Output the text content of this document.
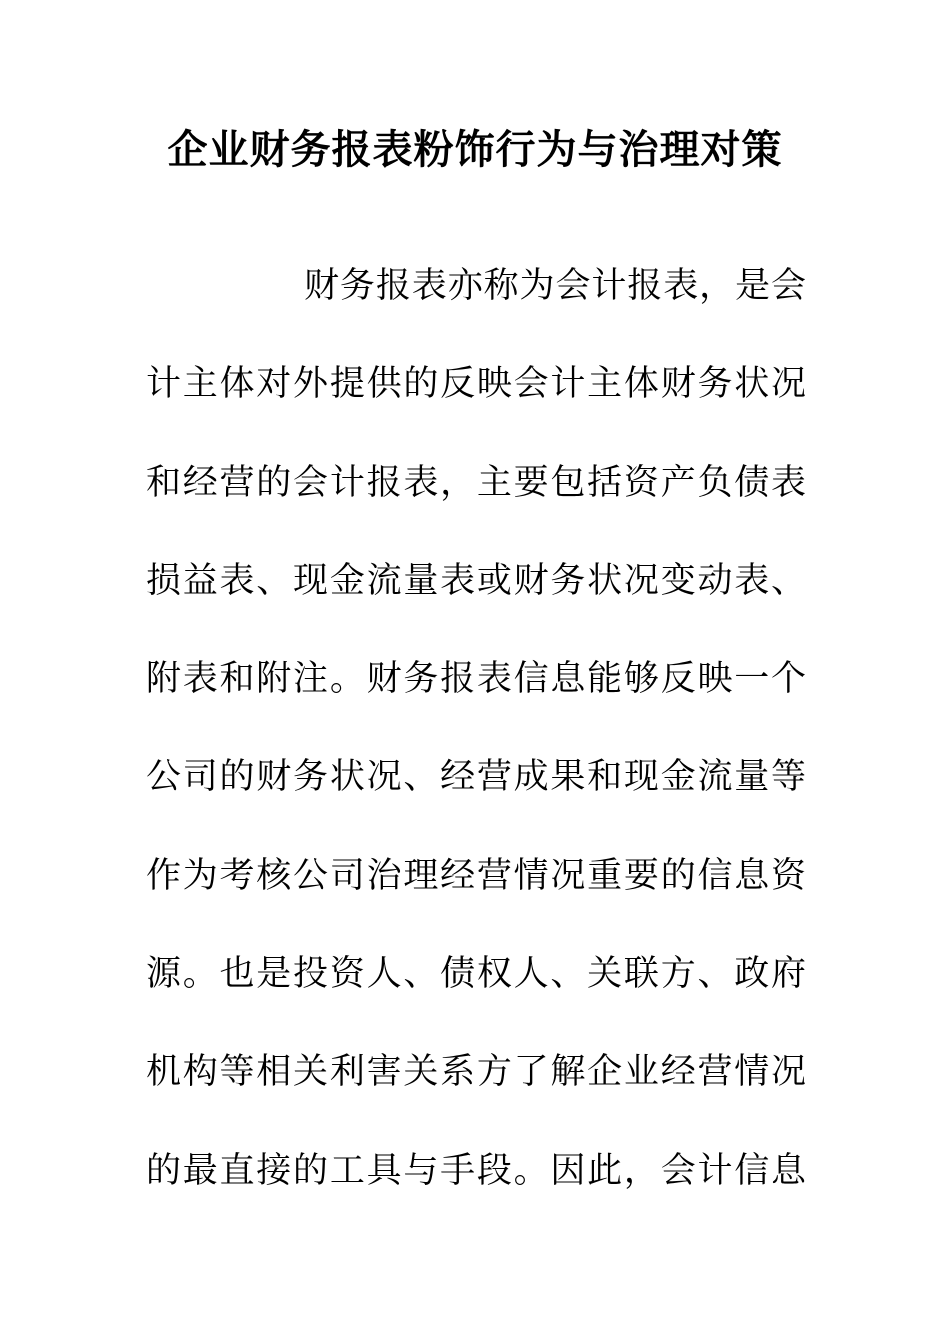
企业财务报表粉饰行为与治理对策
财务报表亦称为会计报表，是会
计主体对外提供的反映会计主体财务状况
和经营的会计报表，主要包括资产负债表
损益表、现金流量表或财务状况变动表、
附表和附注。财务报表信息能够反映一个
公司的财务状况、经营成果和现金流量等
作为考核公司治理经营情况重要的信息资
源。也是投资人、债权人、关联方、政府
机构等相关利害关系方了解企业经营情况
的最直接的工具与手段。因此，会计信息
